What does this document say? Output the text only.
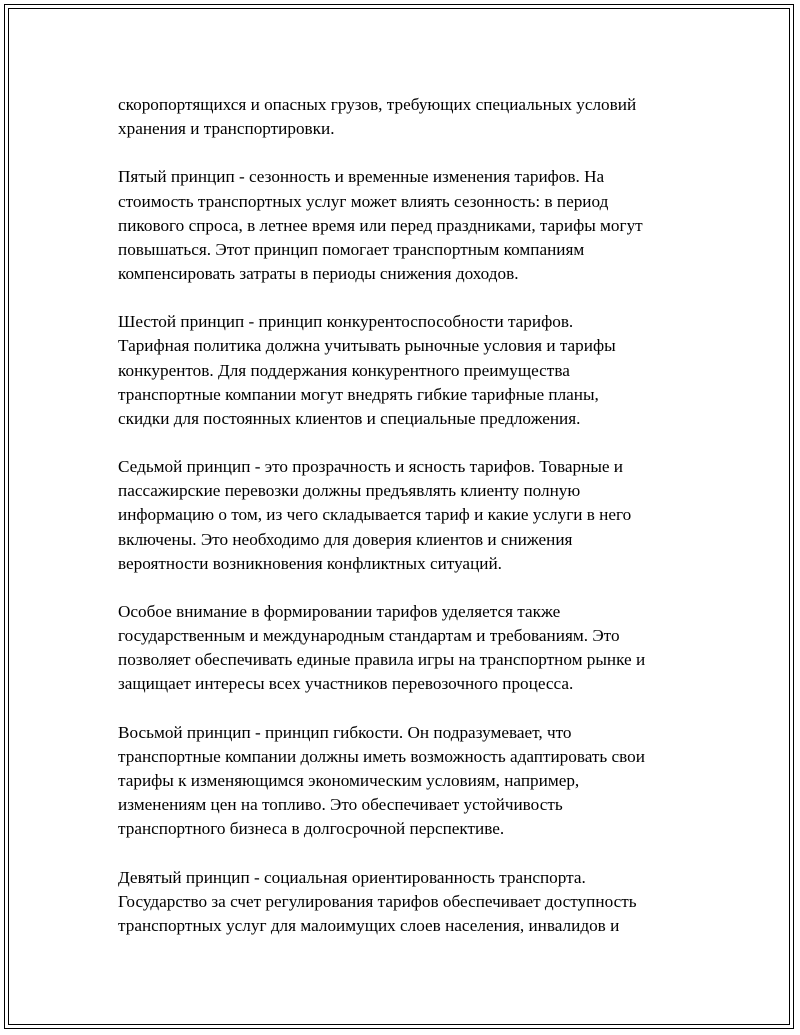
скоропортящихся и опасных грузов, требующих специальных условий
хранения и транспортировки.
Пятый принцип - сезонность и временные изменения тарифов. На
стоимость транспортных услуг может влиять сезонность: в период
пикового спроса, в летнее время или перед праздниками, тарифы могут
повышаться. Этот принцип помогает транспортным компаниям
компенсировать затраты в периоды снижения доходов.
Шестой принцип - принцип конкурентоспособности тарифов.
Тарифная политика должна учитывать рыночные условия и тарифы
конкурентов. Для поддержания конкурентного преимущества
транспортные компании могут внедрять гибкие тарифные планы,
скидки для постоянных клиентов и специальные предложения.
Седьмой принцип - это прозрачность и ясность тарифов. Товарные и
пассажирские перевозки должны предъявлять клиенту полную
информацию о том, из чего складывается тариф и какие услуги в него
включены. Это необходимо для доверия клиентов и снижения
вероятности возникновения конфликтных ситуаций.
Особое внимание в формировании тарифов уделяется также
государственным и международным стандартам и требованиям. Это
позволяет обеспечивать единые правила игры на транспортном рынке и
защищает интересы всех участников перевозочного процесса.
Восьмой принцип - принцип гибкости. Он подразумевает, что
транспортные компании должны иметь возможность адаптировать свои
тарифы к изменяющимся экономическим условиям, например,
изменениям цен на топливо. Это обеспечивает устойчивость
транспортного бизнеса в долгосрочной перспективе.
Девятый принцип - социальная ориентированность транспорта.
Государство за счет регулирования тарифов обеспечивает доступность
транспортных услуг для малоимущих слоев населения, инвалидов и
